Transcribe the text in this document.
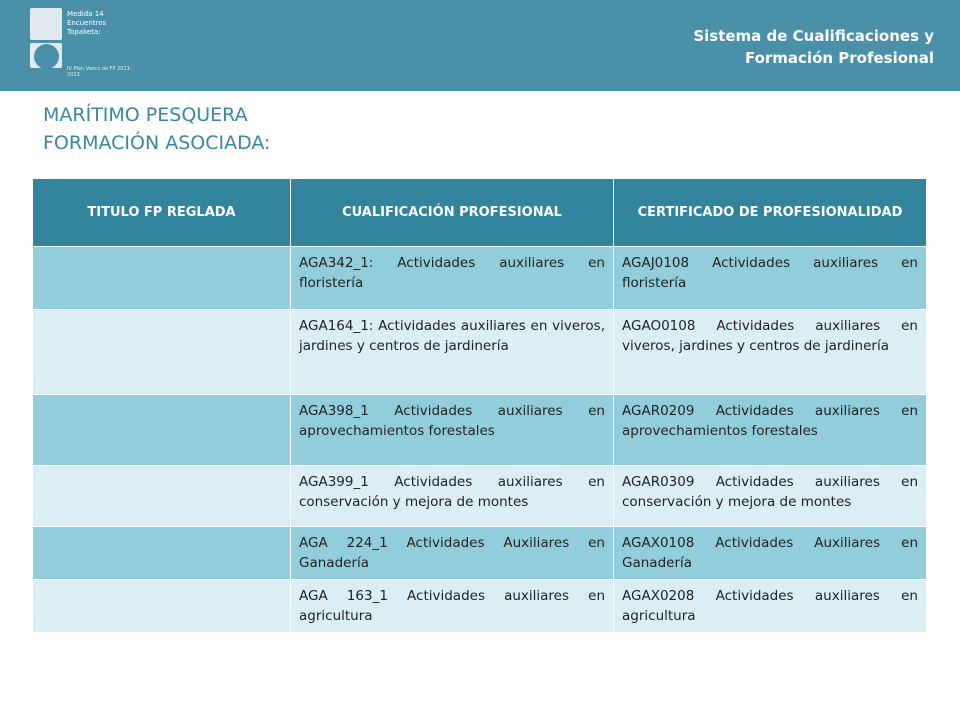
Medida 14
Encuentros
Topaketa:
IV Plan Vasco de FP 2011-2013
Sistema de Cualificaciones y
Formación Profesional
MARÍTIMO PESQUERA
FORMACIÓN ASOCIADA:
TITULO FP REGLADA	CUALIFICACIÓN PROFESIONAL	CERTIFICADO DE PROFESIONALIDAD
	AGA342_1: Actividades auxiliares en floristería	AGAJ0108 Actividades auxiliares en floristería
	AGA164_1: Actividades auxiliares en viveros, jardines y centros de jardinería	AGAO0108 Actividades auxiliares en viveros, jardines y centros de jardinería
	AGA398_1 Actividades auxiliares en aprovechamientos forestales	AGAR0209 Actividades auxiliares en aprovechamientos forestales
	AGA399_1 Actividades auxiliares en conservación y mejora de montes	AGAR0309 Actividades auxiliares en conservación y mejora de montes
	AGA 224_1 Actividades Auxiliares en Ganadería	AGAX0108 Actividades Auxiliares en Ganadería
	AGA 163_1 Actividades auxiliares en agricultura	AGAX0208 Actividades auxiliares en agricultura
